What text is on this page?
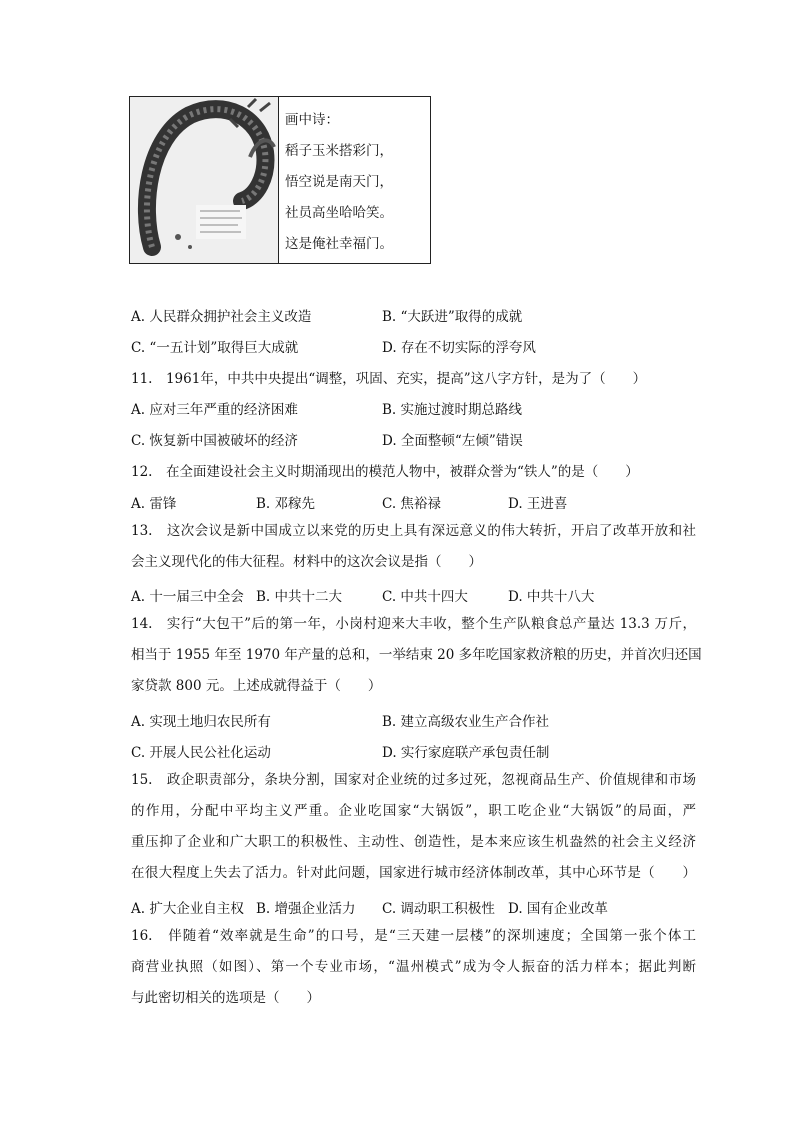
画中诗：
稻子玉米搭彩门，
悟空说是南天门，
社员高坐哈哈笑。
这是俺社幸福门。
A. 人民群众拥护社会主义改造	B. “大跃进”取得的成就
C. “一五计划”取得巨大成就	D. 存在不切实际的浮夸风
11.　1961年，中共中央提出“调整，巩固、充实，提高”这八字方针，是为了（　　）
A. 应对三年严重的经济困难	B. 实施过渡时期总路线
C. 恢复新中国被破坏的经济	D. 全面整顿“左倾”错误
12.　在全面建设社会主义时期涌现出的模范人物中，被群众誉为“铁人”的是（　　）
A. 雷锋	B. 邓稼先	C. 焦裕禄	D. 王进喜
13.　这次会议是新中国成立以来党的历史上具有深远意义的伟大转折，开启了改革开放和社
会主义现代化的伟大征程。材料中的这次会议是指（　　）
A. 十一届三中全会 B. 中共十二大	C. 中共十四大	D. 中共十八大
14.　实行“大包干”后的第一年，小岗村迎来大丰收，整个生产队粮食总产量达 13.3 万斤，
相当于 1955 年至 1970 年产量的总和，一举结束 20 多年吃国家救济粮的历史，并首次归还国
家贷款 800 元。上述成就得益于（　　）
A. 实现土地归农民所有	B. 建立高级农业生产合作社
C. 开展人民公社化运动	D. 实行家庭联产承包责任制
15.　政企职责部分，条块分割，国家对企业统的过多过死，忽视商品生产、价值规律和市场
的作用，分配中平均主义严重。企业吃国家“大锅饭”，职工吃企业“大锅饭”的局面，严
重压抑了企业和广大职工的积极性、主动性、创造性，是本来应该生机盎然的社会主义经济
在很大程度上失去了活力。针对此问题，国家进行城市经济体制改革，其中心环节是（　　）
A. 扩大企业自主权 B. 增强企业活力 C. 调动职工积极性 D. 国有企业改革
16.　伴随着“效率就是生命”的口号，是“三天建一层楼”的深圳速度；全国第一张个体工
商营业执照（如图）、第一个专业市场，“温州模式”成为令人振奋的活力样本；据此判断
与此密切相关的选项是（　　）
